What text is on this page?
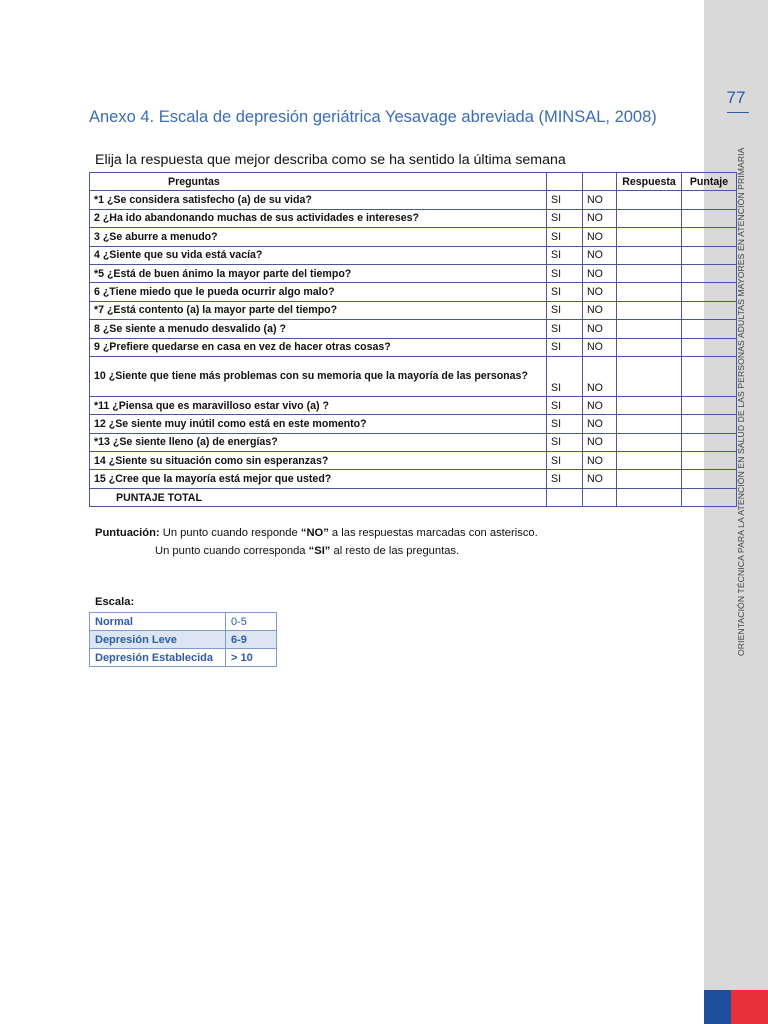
77
ORIENTACIÓN TÉCNICA PARA LA ATENCIÓN EN SALUD DE LAS PERSONAS ADULTAS MAYORES EN ATENCIÓN PRIMARIA
Anexo 4. Escala de depresión geriátrica Yesavage abreviada (MINSAL, 2008)
Elija la respuesta que mejor describa como se ha sentido la última semana
Preguntas			Respuesta	Puntaje
*1 ¿Se considera satisfecho (a) de su vida?	SI	NO		
2 ¿Ha ido abandonando muchas de sus actividades e intereses?	SI	NO		
3 ¿Se aburre a menudo?	SI	NO		
4 ¿Siente que su vida está vacía?	SI	NO		
*5 ¿Está de buen ánimo la mayor parte del tiempo?	SI	NO		
6 ¿Tiene miedo que le pueda ocurrir algo malo?	SI	NO		
*7 ¿Está contento (a) la mayor parte del tiempo?	SI	NO		
8 ¿Se siente a menudo desvalido (a) ?	SI	NO		
9 ¿Prefiere quedarse en casa en vez de hacer otras cosas?	SI	NO		
10 ¿Siente que tiene más problemas con su memoria que la mayoría de las personas?	SI	NO		
*11 ¿Piensa que es maravilloso estar vivo (a) ?	SI	NO		
12 ¿Se siente muy inútil como está en este momento?	SI	NO		
*13 ¿Se siente lleno (a) de energías?	SI	NO		
14 ¿Siente su situación como sin esperanzas?	SI	NO		
15 ¿Cree que la mayoría está mejor que usted?	SI	NO		
PUNTAJE TOTAL				
Puntuación: Un punto cuando responde “NO” a las respuestas marcadas con asterisco.
Un punto cuando corresponda “SI” al resto de las preguntas.
Escala:
Normal	0-5
Depresión Leve	6-9
Depresión Establecida	> 10
